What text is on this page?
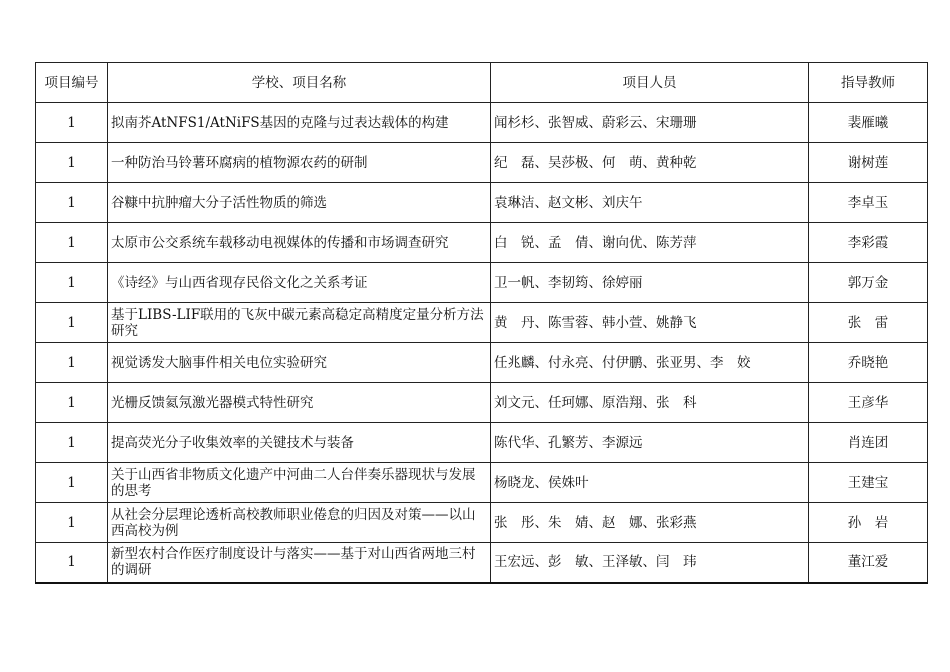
项目编号	学校、项目名称	项目人员	指导教师
1	拟南芥AtNFS1/AtNiFS基因的克隆与过表达载体的构建	闻杉杉、张智威、蔚彩云、宋珊珊	裴雁曦
1	一种防治马铃薯环腐病的植物源农药的研制	纪　磊、吴莎极、何　萌、黄种乾	谢树莲
1	谷糠中抗肿瘤大分子活性物质的筛选	袁琳洁、赵文彬、刘庆午	李卓玉
1	太原市公交系统车载移动电视媒体的传播和市场调查研究	白　锐、孟　倩、谢向优、陈芳萍	李彩霞
1	《诗经》与山西省现存民俗文化之关系考证	卫一帆、李韧筠、徐婷丽	郭万金
1	基于LIBS-LIF联用的飞灰中碳元素高稳定高精度定量分析方法研究	黄　丹、陈雪蓉、韩小萱、姚静飞	张　雷
1	视觉诱发大脑事件相关电位实验研究	任兆麟、付永亮、付伊鹏、张亚男、李　姣	乔晓艳
1	光栅反馈氦氖激光器模式特性研究	刘文元、任珂娜、原浩翔、张　科	王彦华
1	提高荧光分子收集效率的关键技术与装备	陈代华、孔繁芳、李源远	肖连团
1	关于山西省非物质文化遗产中河曲二人台伴奏乐器现状与发展的思考	杨晓龙、侯姝叶	王建宝
1	从社会分层理论透析高校教师职业倦怠的归因及对策——以山西高校为例	张　彤、朱　婧、赵　娜、张彩燕	孙　岩
1	新型农村合作医疗制度设计与落实——基于对山西省两地三村的调研	王宏远、彭　敏、王泽敏、闫　玮	董江爱
